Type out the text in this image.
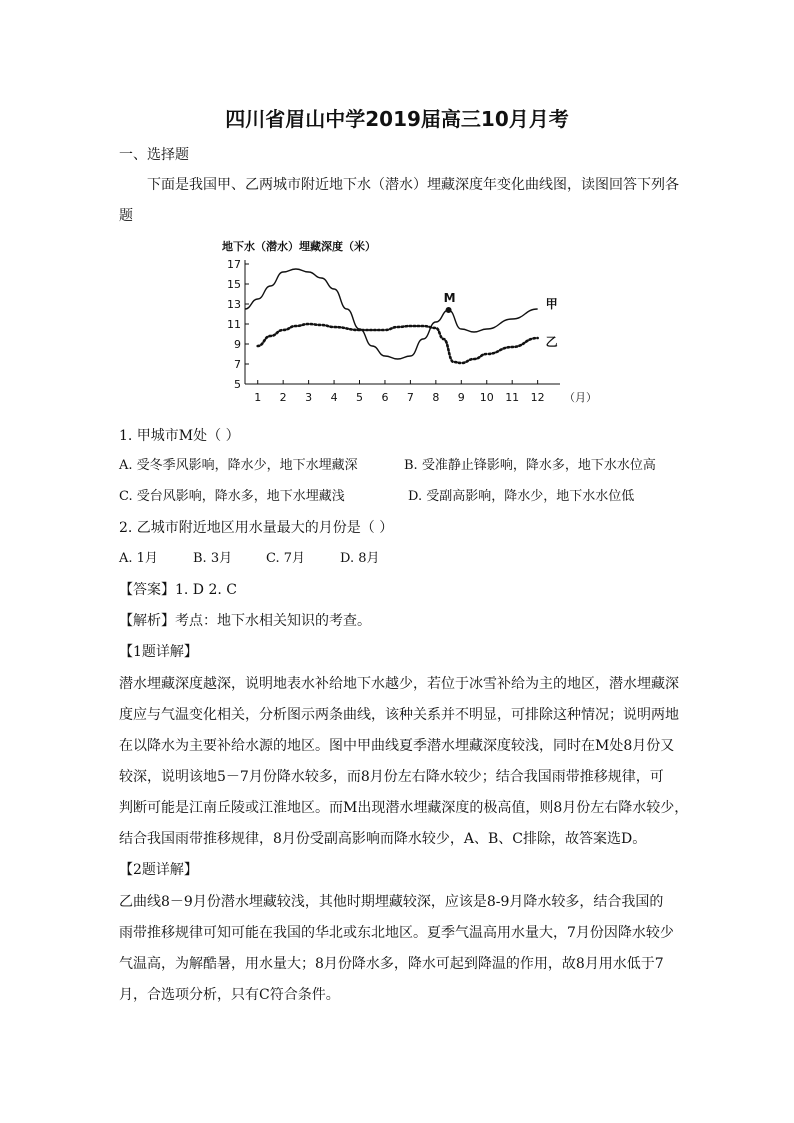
四川省眉山中学2019届高三10月月考
一、选择题
下面是我国甲、乙两城市附近地下水（潜水）埋藏深度年变化曲线图，读图回答下列各
题
地下水（潜水）埋藏深度（米）
5
7
9
11
13
15
17
1 2 3 4 5 6 7 8 9 10 11 12 （月）
甲
乙
M
1. 甲城市M处（ ）
A. 受冬季风影响，降水少，地下水埋藏深	B. 受准静止锋影响，降水多，地下水水位高
C. 受台风影响，降水多，地下水埋藏浅	D. 受副高影响，降水少，地下水水位低
2. 乙城市附近地区用水量最大的月份是（ ）
A. 1月	B. 3月	C. 7月	D. 8月
【答案】1. D 2. C
【解析】考点：地下水相关知识的考查。
【1题详解】
潜水埋藏深度越深，说明地表水补给地下水越少，若位于冰雪补给为主的地区，潜水埋藏深
度应与气温变化相关，分析图示两条曲线，该种关系并不明显，可排除这种情况；说明两地
在以降水为主要补给水源的地区。图中甲曲线夏季潜水埋藏深度较浅，同时在M处8月份又
较深，说明该地5－7月份降水较多，而8月份左右降水较少；结合我国雨带推移规律，可
判断可能是江南丘陵或江淮地区。而M出现潜水埋藏深度的极高值，则8月份左右降水较少，
结合我国雨带推移规律，8月份受副高影响而降水较少，A、B、C排除，故答案选D。
【2题详解】
乙曲线8－9月份潜水埋藏较浅，其他时期埋藏较深，应该是8-9月降水较多，结合我国的
雨带推移规律可知可能在我国的华北或东北地区。夏季气温高用水量大，7月份因降水较少
气温高，为解酷暑，用水量大；8月份降水多，降水可起到降温的作用，故8月用水低于7
月，合选项分析，只有C符合条件。
